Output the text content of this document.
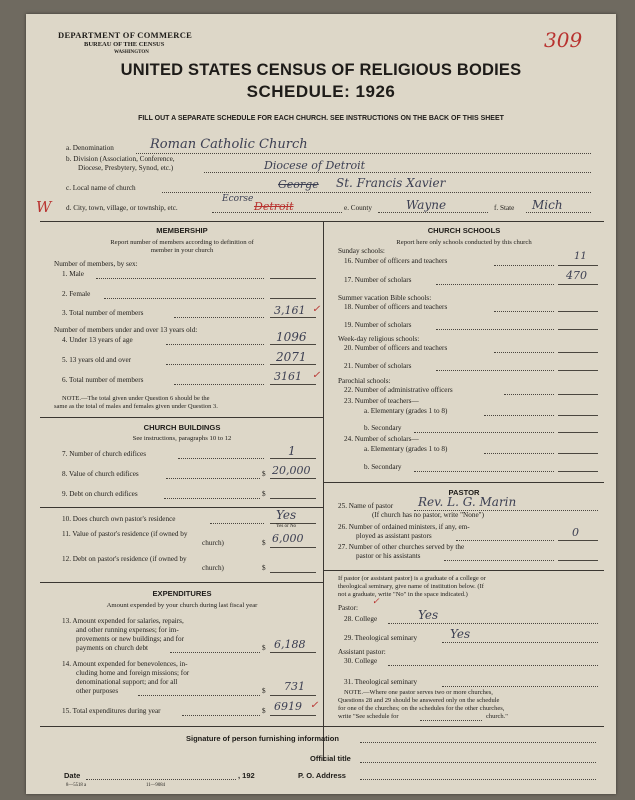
DEPARTMENT OF COMMERCE
BUREAU OF THE CENSUS
WASHINGTON
309
UNITED STATES CENSUS OF RELIGIOUS BODIES
SCHEDULE: 1926
FILL OUT A SEPARATE SCHEDULE FOR EACH CHURCH. SEE INSTRUCTIONS ON THE BACK OF THIS SHEET
a. Denomination	Roman Catholic Church
b. Division (Association, Conference,
Diocese, Presbytery, Synod, etc.)	Diocese of Detroit
c. Local name of church	George St. Francis Xavier
W d. City, town, village, or township, etc.
Ecorse
Detroit	e. County	Wayne	f. State Mich
MEMBERSHIP
Report number of members according to definition of
member in your church
Number of members, by sex:
1. Male
2. Female
3. Total number of members	3,161 ✓
Number of members under and over 13 years old:
4. Under 13 years of age	1096
5. 13 years old and over	2071
6. Total number of members	3161 ✓
NOTE.—The total given under Question 6 should be the
same as the total of males and females given under Question 3.
CHURCH BUILDINGS
See instructions, paragraphs 10 to 12
7. Number of church edifices	1
8. Value of church edifices	$ 20,000
9. Debt on church edifices	$
10. Does church own pastor's residence	Yes
Yes or No
11. Value of pastor's residence (if owned by
church)	$ 6,000
12. Debt on pastor's residence (if owned by
church)	$
EXPENDITURES
Amount expended by your church during last fiscal year
13. Amount expended for salaries, repairs,
and other running expenses; for im-
provements or new buildings; and for
payments on church debt	$ 6,188
14. Amount expended for benevolences, in-
cluding home and foreign missions; for
denominational support; and for all
other purposes	$ 731
15. Total expenditures during year	$ 6919 ✓
CHURCH SCHOOLS
Report here only schools conducted by this church
Sunday schools:
16. Number of officers and teachers	11
17. Number of scholars	470
Summer vacation Bible schools:
18. Number of officers and teachers
19. Number of scholars
Week-day religious schools:
20. Number of officers and teachers
21. Number of scholars
Parochial schools:
22. Number of administrative officers
23. Number of teachers—
a. Elementary (grades 1 to 8)
b. Secondary
24. Number of scholars—
a. Elementary (grades 1 to 8)
b. Secondary
PASTOR
25. Name of pastor Rev. L. G. Marin
(If church has no pastor, write "None")
26. Number of ordained ministers, if any, em-
ployed as assistant pastors	0
27. Number of other churches served by the
pastor or his assistants
If pastor (or assistant pastor) is a graduate of a college or
theological seminary, give name of institution below. (If
not a graduate, write "No" in the space indicated.)
Pastor:
✓
28. College	Yes
29. Theological seminary	Yes
Assistant pastor:
30. College
31. Theological seminary
NOTE.—Where one pastor serves two or more churches,
Questions 28 and 29 should be answered only on the schedule
for one of the churches; on the schedules for the other churches,
write "See schedule for	church."
Signature of person furnishing information
Official title
Date	, 192	P. O. Address
8—5518 a	11—9084
